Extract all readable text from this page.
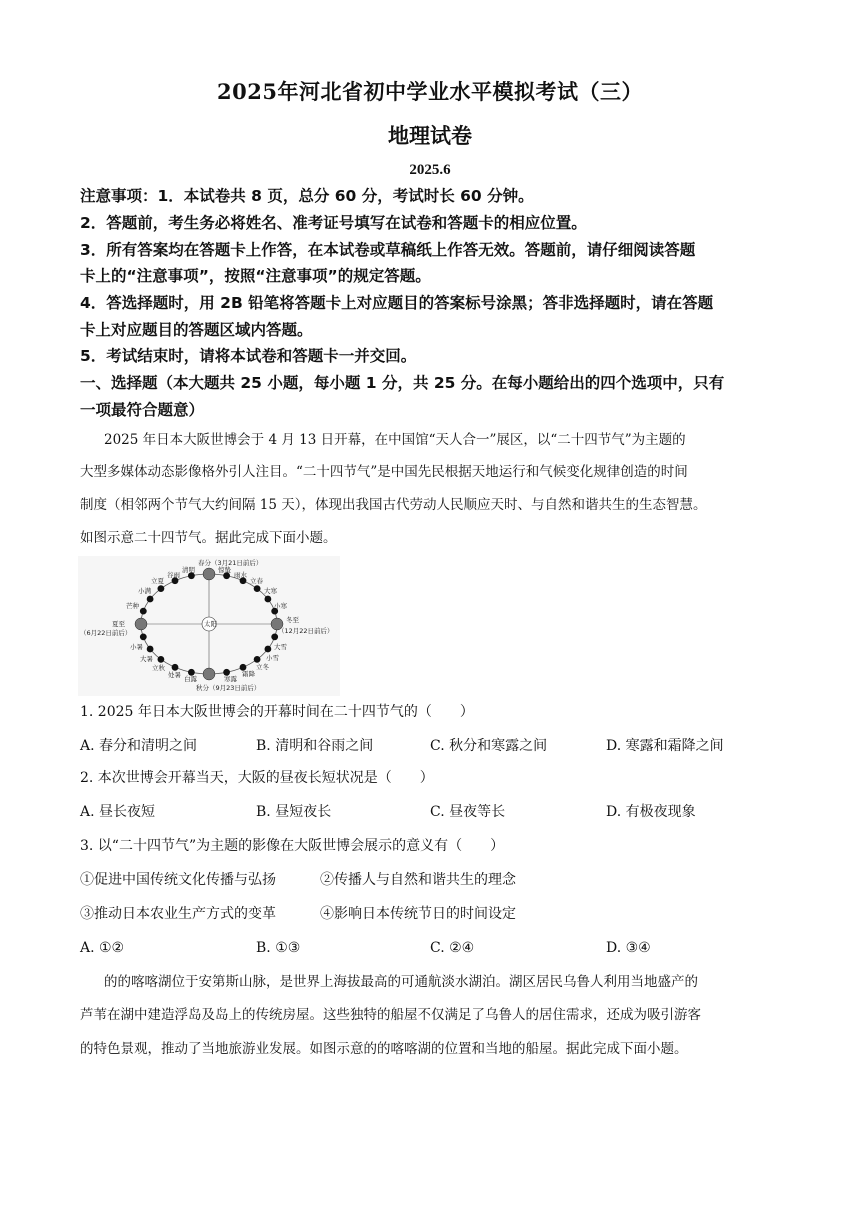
2025年河北省初中学业水平模拟考试（三）
地理试卷
2025.6
注意事项：1．本试卷共 8 页，总分 60 分，考试时长 60 分钟。
2．答题前，考生务必将姓名、准考证号填写在试卷和答题卡的相应位置。
3．所有答案均在答题卡上作答，在本试卷或草稿纸上作答无效。答题前，请仔细阅读答题
卡上的“注意事项”，按照“注意事项”的规定答题。
4．答选择题时，用 2B 铅笔将答题卡上对应题目的答案标号涂黑；答非选择题时，请在答题
卡上对应题目的答题区域内答题。
5．考试结束时，请将本试卷和答题卡一并交回。
一、选择题（本大题共 25 小题，每小题 1 分，共 25 分。在每小题给出的四个选项中，只有
一项最符合题意）
2025 年日本大阪世博会于 4 月 13 日开幕，在中国馆“天人合一”展区，以“二十四节气”为主题的
大型多媒体动态影像格外引人注目。“二十四节气”是中国先民根据天地运行和气候变化规律创造的时间
制度（相邻两个节气大约间隔 15 天），体现出我国古代劳动人民顺应天时、与自然和谐共生的生态智慧。
如图示意二十四节气。据此完成下面小题。
太阳
春分（3月21日前后）
夏至
（6月22日前后）
冬至
（12月22日前后）
秋分（9月23日前后）
立夏
谷雨
清明	惊蛰
雨水
立春
小满
芒种
大寒
小寒
小暑
大暑
立秋
处暑 白露
大雪
小雪
立冬
霜降
寒露
1. 2025 年日本大阪世博会的开幕时间在二十四节气的（　　）
A. 春分和清明之间	B. 清明和谷雨之间	C. 秋分和寒露之间	D. 寒露和霜降之间
2. 本次世博会开幕当天，大阪的昼夜长短状况是（　　）
A. 昼长夜短	B. 昼短夜长	C. 昼夜等长	D. 有极夜现象
3. 以“二十四节气”为主题的影像在大阪世博会展示的意义有（　　）
①促进中国传统文化传播与弘扬	②传播人与自然和谐共生的理念
③推动日本农业生产方式的变革	④影响日本传统节日的时间设定
A. ①②	B. ①③	C. ②④	D. ③④
的的喀喀湖位于安第斯山脉，是世界上海拔最高的可通航淡水湖泊。湖区居民乌鲁人利用当地盛产的
芦苇在湖中建造浮岛及岛上的传统房屋。这些独特的船屋不仅满足了乌鲁人的居住需求，还成为吸引游客
的特色景观，推动了当地旅游业发展。如图示意的的喀喀湖的位置和当地的船屋。据此完成下面小题。
